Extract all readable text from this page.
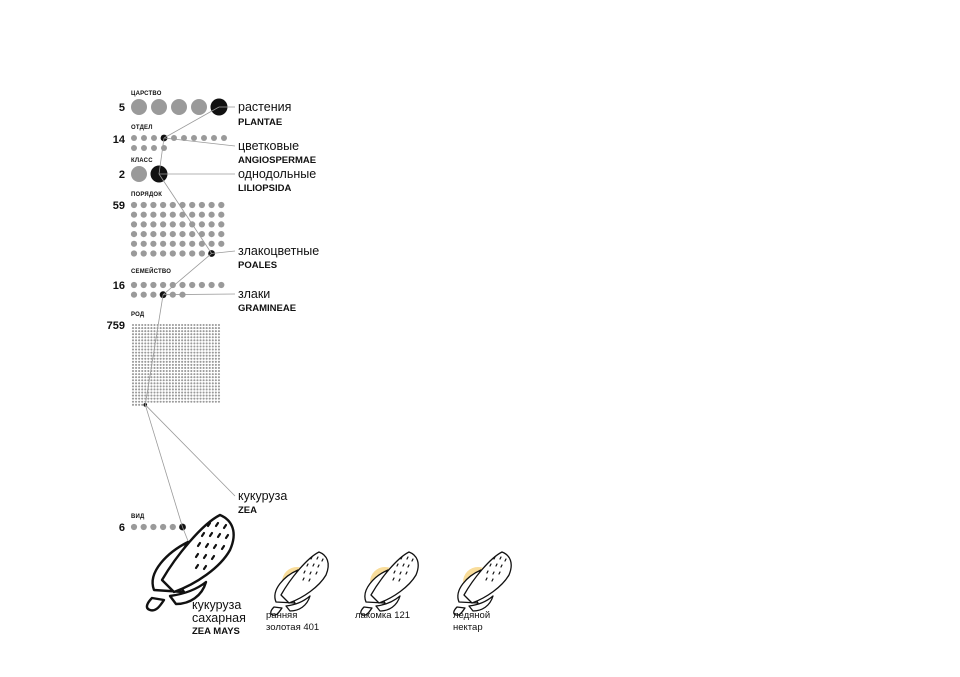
ЦАРСТВО
5	растения
PLANTAE
ОТДЕЛ
14	цветковые
ANGIOSPERMAE
КЛАСС
2	однодольные
LILIOPSIDA
ПОРЯДОК
59
злакоцветные
POALES
СЕМЕЙСТВО
16
злаки
GRAMINEAE
РОД
759
кукуруза
ZEA
ВИД
6
кукуруза
сахарная
ZEA MAYS
ранняя
золотая 401
лакомка 121	ледяной
нектар
